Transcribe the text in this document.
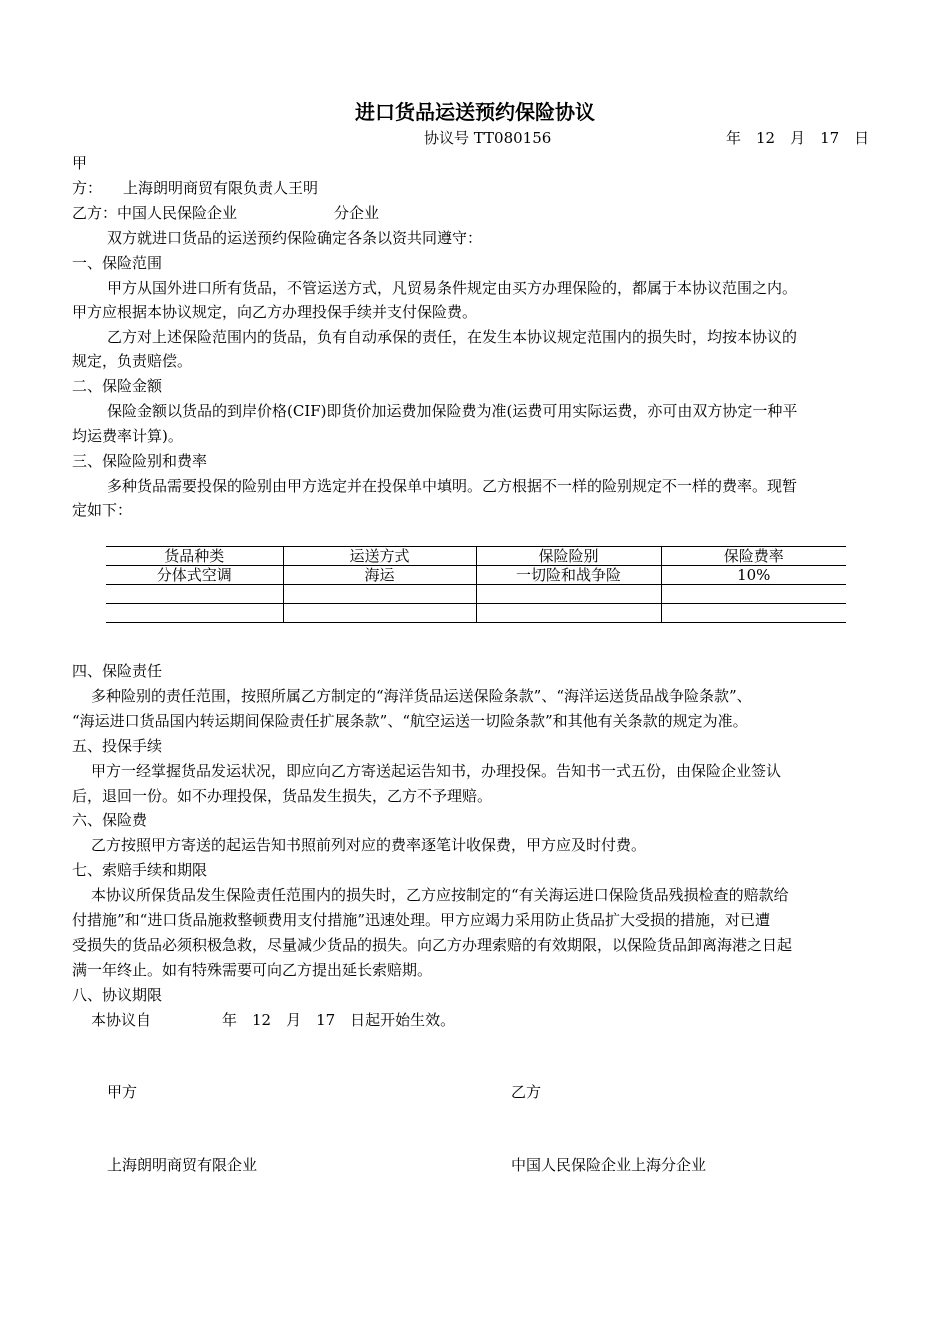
进口货品运送预约保险协议
协议号 TT080156	年　12　月　17　日
甲
方： 上海朗明商贸有限负责人王明
乙方：中国人民保险企业	分企业
双方就进口货品的运送预约保险确定各条以资共同遵守：
一、保险范围
甲方从国外进口所有货品，不管运送方式，凡贸易条件规定由买方办理保险的，都属于本协议范围之内。
甲方应根据本协议规定，向乙方办理投保手续并支付保险费。
乙方对上述保险范围内的货品，负有自动承保的责任，在发生本协议规定范围内的损失时，均按本协议的
规定，负责赔偿。
二、保险金额
保险金额以货品的到岸价格(CIF)即货价加运费加保险费为准(运费可用实际运费，亦可由双方协定一种平
均运费率计算)。
三、保险险别和费率
多种货品需要投保的险别由甲方选定并在投保单中填明。乙方根据不一样的险别规定不一样的费率。现暂
定如下：
货品种类	运送方式	保险险别	保险费率
分体式空调	海运	一切险和战争险	10%

四、保险责任
多种险别的责任范围，按照所属乙方制定的“海洋货品运送保险条款”、“海洋运送货品战争险条款”、
“海运进口货品国内转运期间保险责任扩展条款”、“航空运送一切险条款”和其他有关条款的规定为准。
五、投保手续
甲方一经掌握货品发运状况，即应向乙方寄送起运告知书，办理投保。告知书一式五份，由保险企业签认
后，退回一份。如不办理投保，货品发生损失，乙方不予理赔。
六、保险费
乙方按照甲方寄送的起运告知书照前列对应的费率逐笔计收保费，甲方应及时付费。
七、索赔手续和期限
本协议所保货品发生保险责任范围内的损失时，乙方应按制定的“有关海运进口保险货品残损检查的赔款给
付措施”和“进口货品施救整顿费用支付措施”迅速处理。甲方应竭力采用防止货品扩大受损的措施，对已遭
受损失的货品必须积极急救，尽量减少货品的损失。向乙方办理索赔的有效期限，以保险货品卸离海港之日起
满一年终止。如有特殊需要可向乙方提出延长索赔期。
八、协议期限
本协议自	年　12　月　17　日起开始生效。
甲方	乙方
上海朗明商贸有限企业	中国人民保险企业上海分企业
